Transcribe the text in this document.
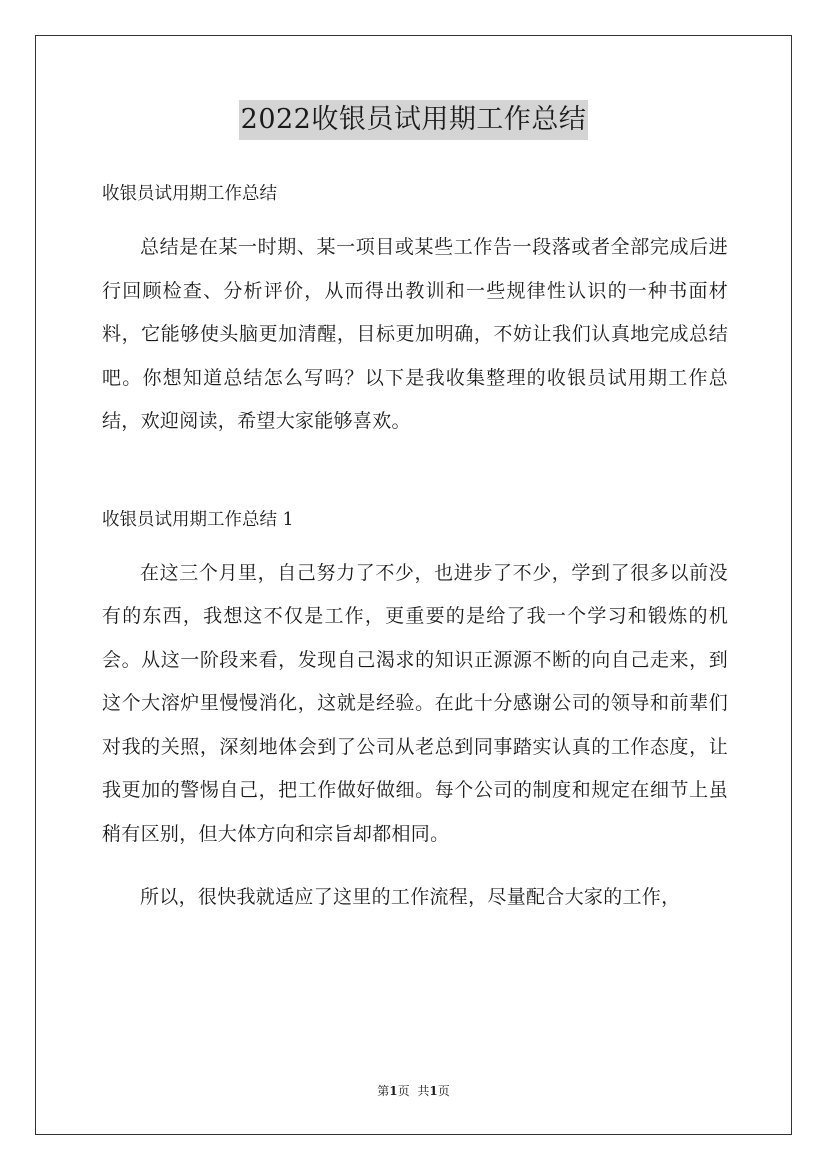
2022收银员试用期工作总结

收银员试用期工作总结

总结是在某一时期、某一项目或某些工作告一段落或者全部完成后进行回顾检查、分析评价，从而得出教训和一些规律性认识的一种书面材料，它能够使头脑更加清醒，目标更加明确，不妨让我们认真地完成总结吧。你想知道总结怎么写吗？以下是我收集整理的收银员试用期工作总结，欢迎阅读，希望大家能够喜欢。

收银员试用期工作总结 1

在这三个月里，自己努力了不少，也进步了不少，学到了很多以前没有的东西，我想这不仅是工作，更重要的是给了我一个学习和锻炼的机会。从这一阶段来看，发现自己渴求的知识正源源不断的向自己走来，到这个大溶炉里慢慢消化，这就是经验。在此十分感谢公司的领导和前辈们对我的关照，深刻地体会到了公司从老总到同事踏实认真的工作态度，让我更加的警惕自己，把工作做好做细。每个公司的制度和规定在细节上虽稍有区别，但大体方向和宗旨却都相同。

所以，很快我就适应了这里的工作流程，尽量配合大家的工作，

第1页 共1页
